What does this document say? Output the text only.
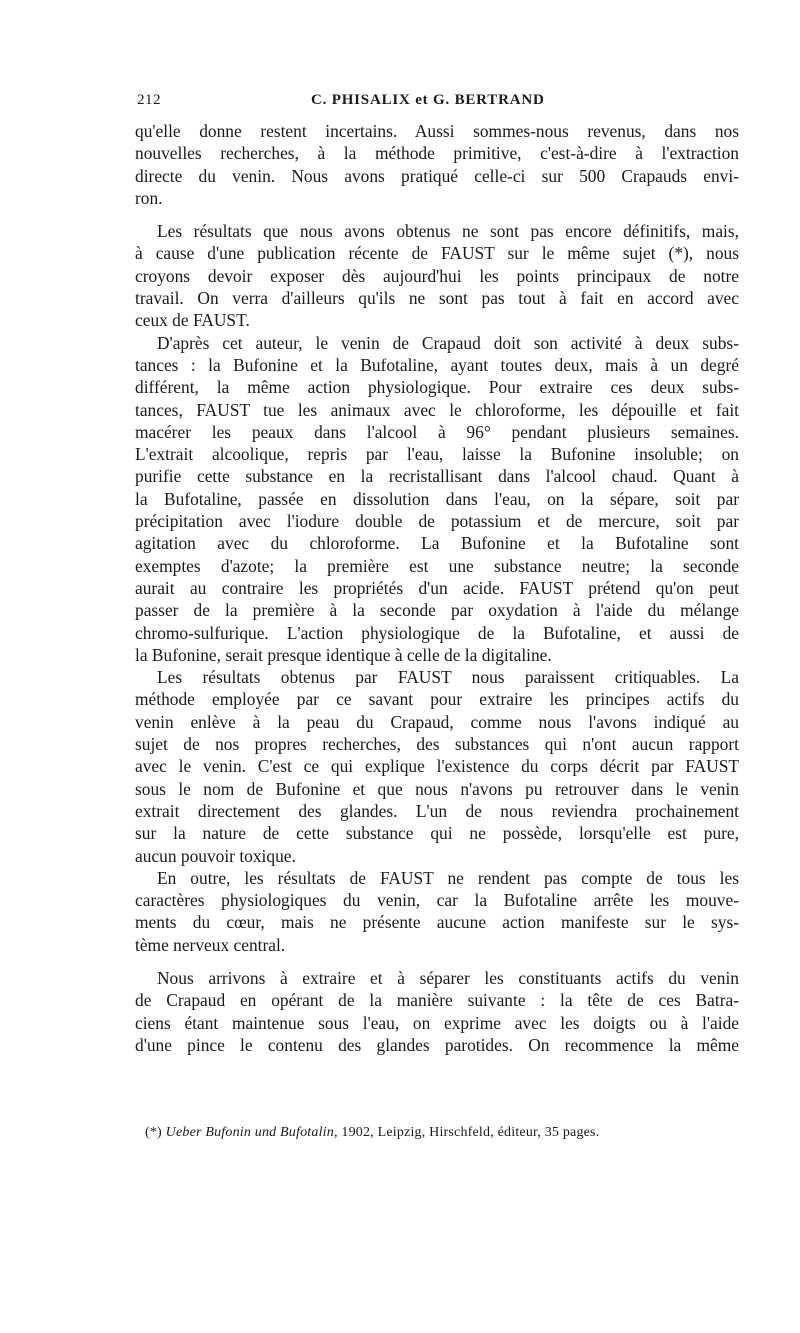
212	C. PHISALIX et G. BERTRAND

qu'elle donne restent incertains. Aussi sommes-nous revenus, dans nos
nouvelles recherches, à la méthode primitive, c'est-à-dire à l'extraction
directe du venin. Nous avons pratiqué celle-ci sur 500 Crapauds envi-
ron.

Les résultats que nous avons obtenus ne sont pas encore définitifs, mais,
à cause d'une publication récente de FAUST sur le même sujet (*), nous
croyons devoir exposer dès aujourd'hui les points principaux de notre
travail. On verra d'ailleurs qu'ils ne sont pas tout à fait en accord avec
ceux de FAUST.

D'après cet auteur, le venin de Crapaud doit son activité à deux subs-
tances : la Bufonine et la Bufotaline, ayant toutes deux, mais à un degré
différent, la même action physiologique. Pour extraire ces deux subs-
tances, FAUST tue les animaux avec le chloroforme, les dépouille et fait
macérer les peaux dans l'alcool à 96° pendant plusieurs semaines.
L'extrait alcoolique, repris par l'eau, laisse la Bufonine insoluble; on
purifie cette substance en la recristallisant dans l'alcool chaud. Quant à
la Bufotaline, passée en dissolution dans l'eau, on la sépare, soit par
précipitation avec l'iodure double de potassium et de mercure, soit par
agitation avec du chloroforme. La Bufonine et la Bufotaline sont
exemptes d'azote; la première est une substance neutre; la seconde
aurait au contraire les propriétés d'un acide. FAUST prétend qu'on peut
passer de la première à la seconde par oxydation à l'aide du mélange
chromo-sulfurique. L'action physiologique de la Bufotaline, et aussi de
la Bufonine, serait presque identique à celle de la digitaline.

Les résultats obtenus par FAUST nous paraissent critiquables. La
méthode employée par ce savant pour extraire les principes actifs du
venin enlève à la peau du Crapaud, comme nous l'avons indiqué au
sujet de nos propres recherches, des substances qui n'ont aucun rapport
avec le venin. C'est ce qui explique l'existence du corps décrit par FAUST
sous le nom de Bufonine et que nous n'avons pu retrouver dans le venin
extrait directement des glandes. L'un de nous reviendra prochainement
sur la nature de cette substance qui ne possède, lorsqu'elle est pure,
aucun pouvoir toxique.

En outre, les résultats de FAUST ne rendent pas compte de tous les
caractères physiologiques du venin, car la Bufotaline arrête les mouve-
ments du cœur, mais ne présente aucune action manifeste sur le sys-
tème nerveux central.

Nous arrivons à extraire et à séparer les constituants actifs du venin
de Crapaud en opérant de la manière suivante : la tête de ces Batra-
ciens étant maintenue sous l'eau, on exprime avec les doigts ou à l'aide
d'une pince le contenu des glandes parotides. On recommence la même

(*) Ueber Bufonin und Bufotalin, 1902, Leipzig, Hirschfeld, éditeur, 35 pages.
